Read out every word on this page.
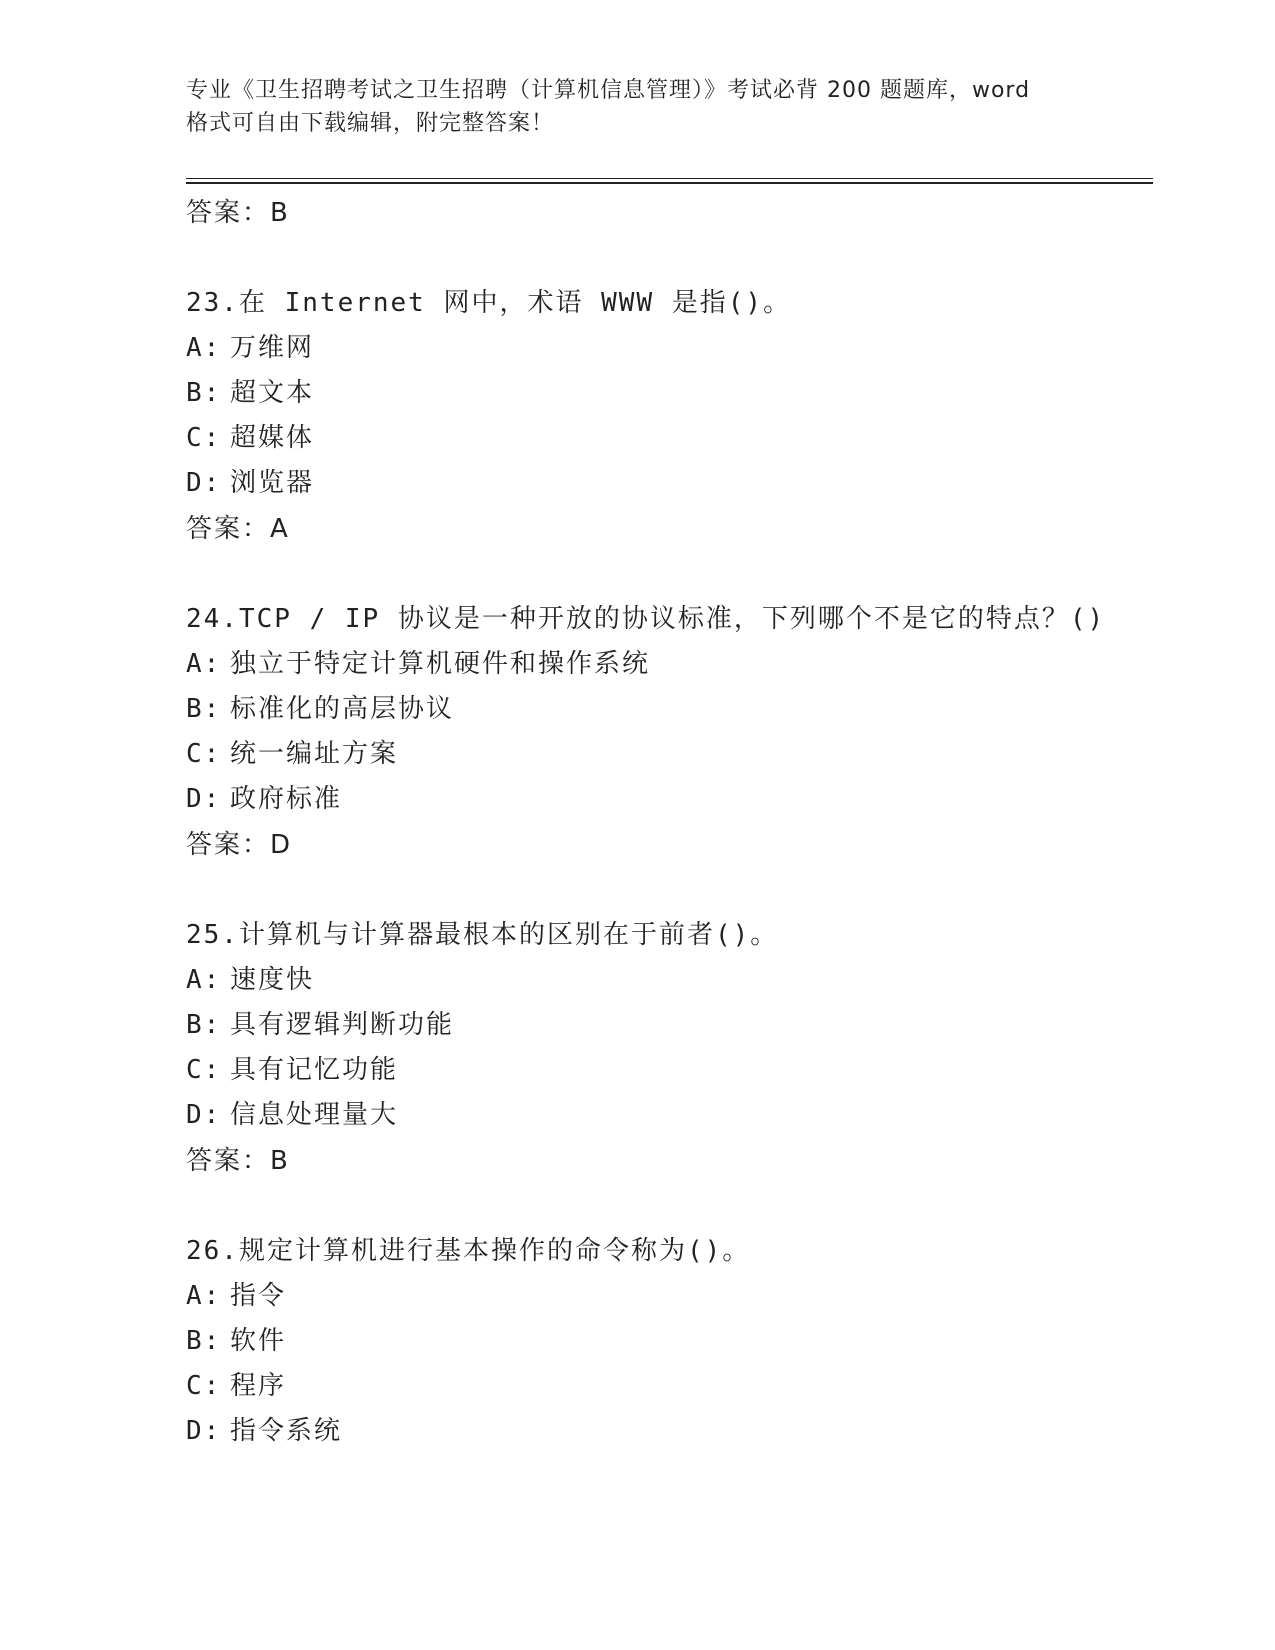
专业《卫生招聘考试之卫生招聘（计算机信息管理）》考试必背 200 题题库，word
格式可自由下载编辑，附完整答案！
答案：B
23.在 Internet 网中，术语 WWW 是指()。
A: 万维网
B: 超文本
C: 超媒体
D: 浏览器
答案：A
24.TCP / IP 协议是一种开放的协议标准，下列哪个不是它的特点？()
A: 独立于特定计算机硬件和操作系统
B: 标准化的高层协议
C: 统一编址方案
D: 政府标准
答案：D
25.计算机与计算器最根本的区别在于前者()。
A: 速度快
B: 具有逻辑判断功能
C: 具有记忆功能
D: 信息处理量大
答案：B
26.规定计算机进行基本操作的命令称为()。
A: 指令
B: 软件
C: 程序
D: 指令系统
